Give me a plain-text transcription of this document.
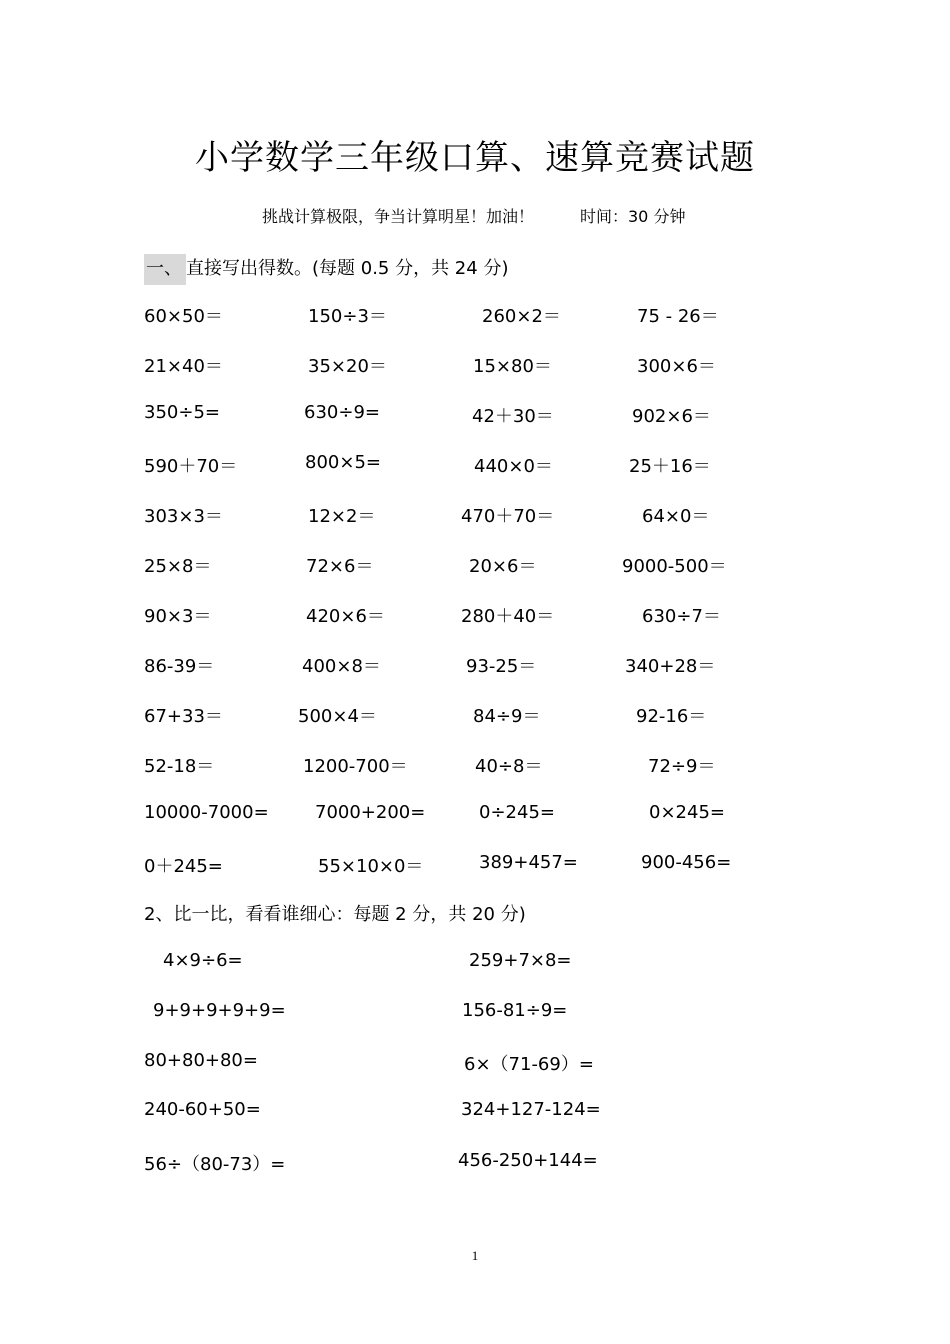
小学数学三年级口算、速算竞赛试题
挑战计算极限，争当计算明星！加油！	时间：30 分钟
一、 直接写出得数。(每题 0.5 分，共 24 分)
60×50＝	150÷3＝	260×2＝	75 - 26＝
21×40＝	35×20＝	15×80＝	300×6＝
350÷5=	630÷9=	42＋30＝	902×6＝
590＋70＝	800×5=	440×0＝	25＋16＝
303×3＝	12×2＝	470＋70＝	64×0＝
25×8＝	72×6＝	20×6＝	9000-500＝
90×3＝	420×6＝	280＋40＝	630÷7＝
86-39＝	400×8＝	93-25＝	340+28＝
67+33＝	500×4＝	84÷9＝	92-16＝
52-18＝	1200-700＝	40÷8＝	72÷9＝
10000-7000=	7000+200=	0÷245=	0×245=
0＋245=	55×10×0＝	389+457=	900-456=
2、比一比，看看谁细心：每题 2 分，共 20 分)
4×9÷6=	259+7×8=
9+9+9+9+9=	156-81÷9=
80+80+80=	6×（71-69）=
240-60+50=	324+127-124=
56÷（80-73）=	456-250+144=
1
